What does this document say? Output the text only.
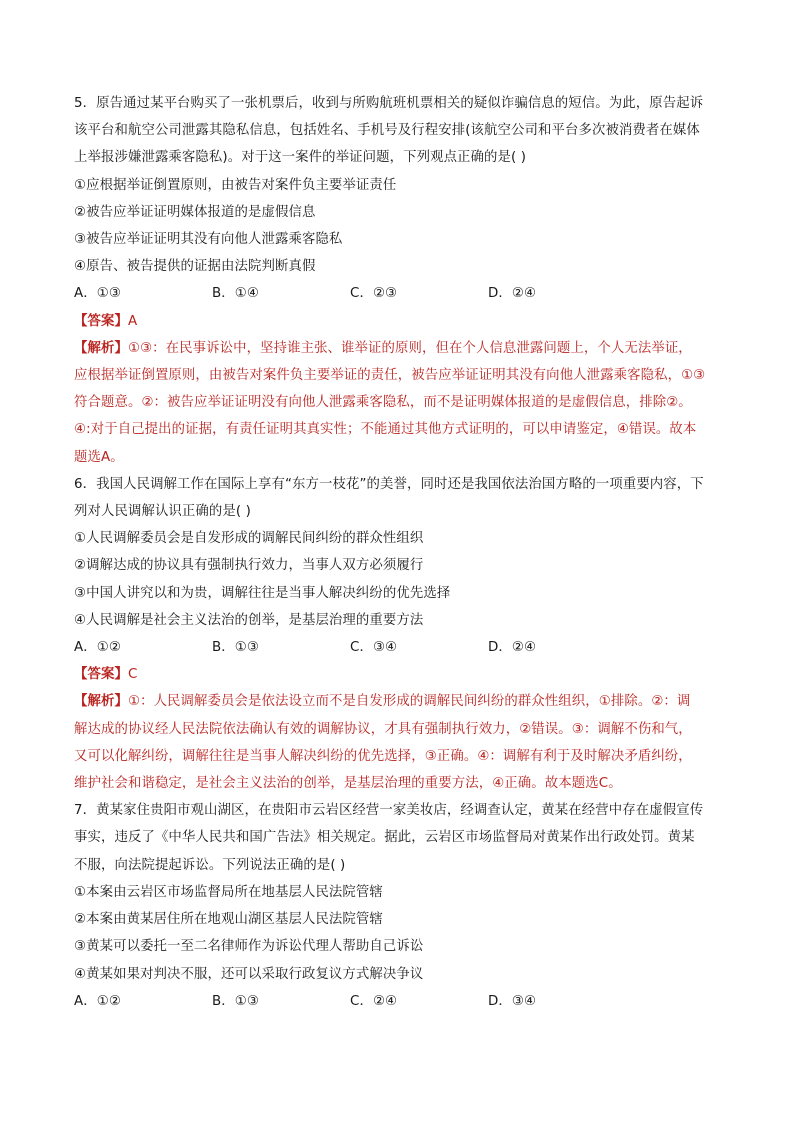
5．原告通过某平台购买了一张机票后，收到与所购航班机票相关的疑似诈骗信息的短信。为此，原告起诉
该平台和航空公司泄露其隐私信息，包括姓名、手机号及行程安排(该航空公司和平台多次被消费者在媒体
上举报涉嫌泄露乘客隐私)。对于这一案件的举证问题，下列观点正确的是( )
①应根据举证倒置原则，由被告对案件负主要举证责任
②被告应举证证明媒体报道的是虚假信息
③被告应举证证明其没有向他人泄露乘客隐私
④原告、被告提供的证据由法院判断真假
A．①③	B．①④	C．②③	D．②④
【答案】A
【解析】①③：在民事诉讼中，坚持谁主张、谁举证的原则，但在个人信息泄露问题上，个人无法举证，
应根据举证倒置原则，由被告对案件负主要举证的责任，被告应举证证明其没有向他人泄露乘客隐私，①③
符合题意。②：被告应举证证明没有向他人泄露乘客隐私，而不是证明媒体报道的是虚假信息，排除②。
④:对于自己提出的证据，有责任证明其真实性；不能通过其他方式证明的，可以申请鉴定，④错误。故本
题选A。
6．我国人民调解工作在国际上享有“东方一枝花”的美誉，同时还是我国依法治国方略的一项重要内容，下
列对人民调解认识正确的是( )
①人民调解委员会是自发形成的调解民间纠纷的群众性组织
②调解达成的协议具有强制执行效力，当事人双方必须履行
③中国人讲究以和为贵，调解往往是当事人解决纠纷的优先选择
④人民调解是社会主义法治的创举，是基层治理的重要方法
A．①②	B．①③	C．③④	D．②④
【答案】C
【解析】①：人民调解委员会是依法设立而不是自发形成的调解民间纠纷的群众性组织，①排除。②：调
解达成的协议经人民法院依法确认有效的调解协议，才具有强制执行效力，②错误。③：调解不伤和气，
又可以化解纠纷，调解往往是当事人解决纠纷的优先选择，③正确。④：调解有利于及时解决矛盾纠纷，
维护社会和谐稳定，是社会主义法治的创举，是基层治理的重要方法，④正确。故本题选C。
7．黄某家住贵阳市观山湖区，在贵阳市云岩区经营一家美妆店，经调查认定，黄某在经营中存在虚假宣传
事实，违反了《中华人民共和国广告法》相关规定。据此，云岩区市场监督局对黄某作出行政处罚。黄某
不服，向法院提起诉讼。下列说法正确的是( )
①本案由云岩区市场监督局所在地基层人民法院管辖
②本案由黄某居住所在地观山湖区基层人民法院管辖
③黄某可以委托一至二名律师作为诉讼代理人帮助自己诉讼
④黄某如果对判决不服，还可以采取行政复议方式解决争议
A．①②	B．①③	C．②④	D．③④
